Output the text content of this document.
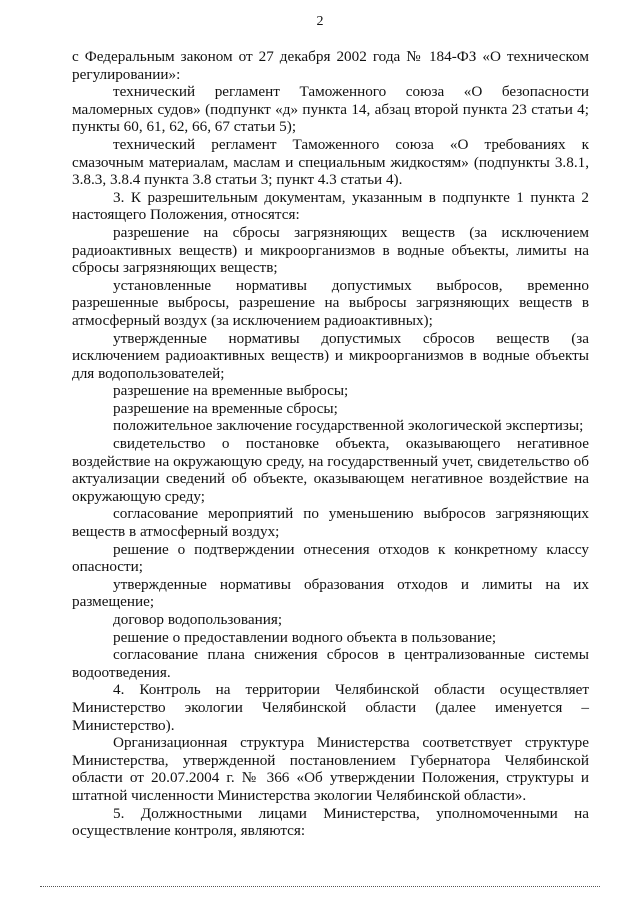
2

с Федеральным законом от 27 декабря 2002 года № 184-ФЗ «О техническом регулировании»:

технический регламент Таможенного союза «О безопасности маломерных судов» (подпункт «д» пункта 14, абзац второй пункта 23 статьи 4; пункты 60, 61, 62, 66, 67 статьи 5);

технический регламент Таможенного союза «О требованиях к смазочным материалам, маслам и специальным жидкостям» (подпункты 3.8.1, 3.8.3, 3.8.4 пункта 3.8 статьи 3; пункт 4.3 статьи 4).

3. К разрешительным документам, указанным в подпункте 1 пункта 2 настоящего Положения, относятся:

разрешение на сбросы загрязняющих веществ (за исключением радиоактивных веществ) и микроорганизмов в водные объекты, лимиты на сбросы загрязняющих веществ;

установленные нормативы допустимых выбросов, временно разрешенные выбросы, разрешение на выбросы загрязняющих веществ в атмосферный воздух (за исключением радиоактивных);

утвержденные нормативы допустимых сбросов веществ (за исключением радиоактивных веществ) и микроорганизмов в водные объекты для водопользователей;

разрешение на временные выбросы;

разрешение на временные сбросы;

положительное заключение государственной экологической экспертизы;

свидетельство о постановке объекта, оказывающего негативное воздействие на окружающую среду, на государственный учет, свидетельство об актуализации сведений об объекте, оказывающем негативное воздействие на окружающую среду;

согласование мероприятий по уменьшению выбросов загрязняющих веществ в атмосферный воздух;

решение о подтверждении отнесения отходов к конкретному классу опасности;

утвержденные нормативы образования отходов и лимиты на их размещение;

договор водопользования;

решение о предоставлении водного объекта в пользование;

согласование плана снижения сбросов в централизованные системы водоотведения.

4. Контроль на территории Челябинской области осуществляет Министерство экологии Челябинской области (далее именуется – Министерство).

Организационная структура Министерства соответствует структуре Министерства, утвержденной постановлением Губернатора Челябинской области от 20.07.2004 г. № 366 «Об утверждении Положения, структуры и штатной численности Министерства экологии Челябинской области».

5. Должностными лицами Министерства, уполномоченными на осуществление контроля, являются:
